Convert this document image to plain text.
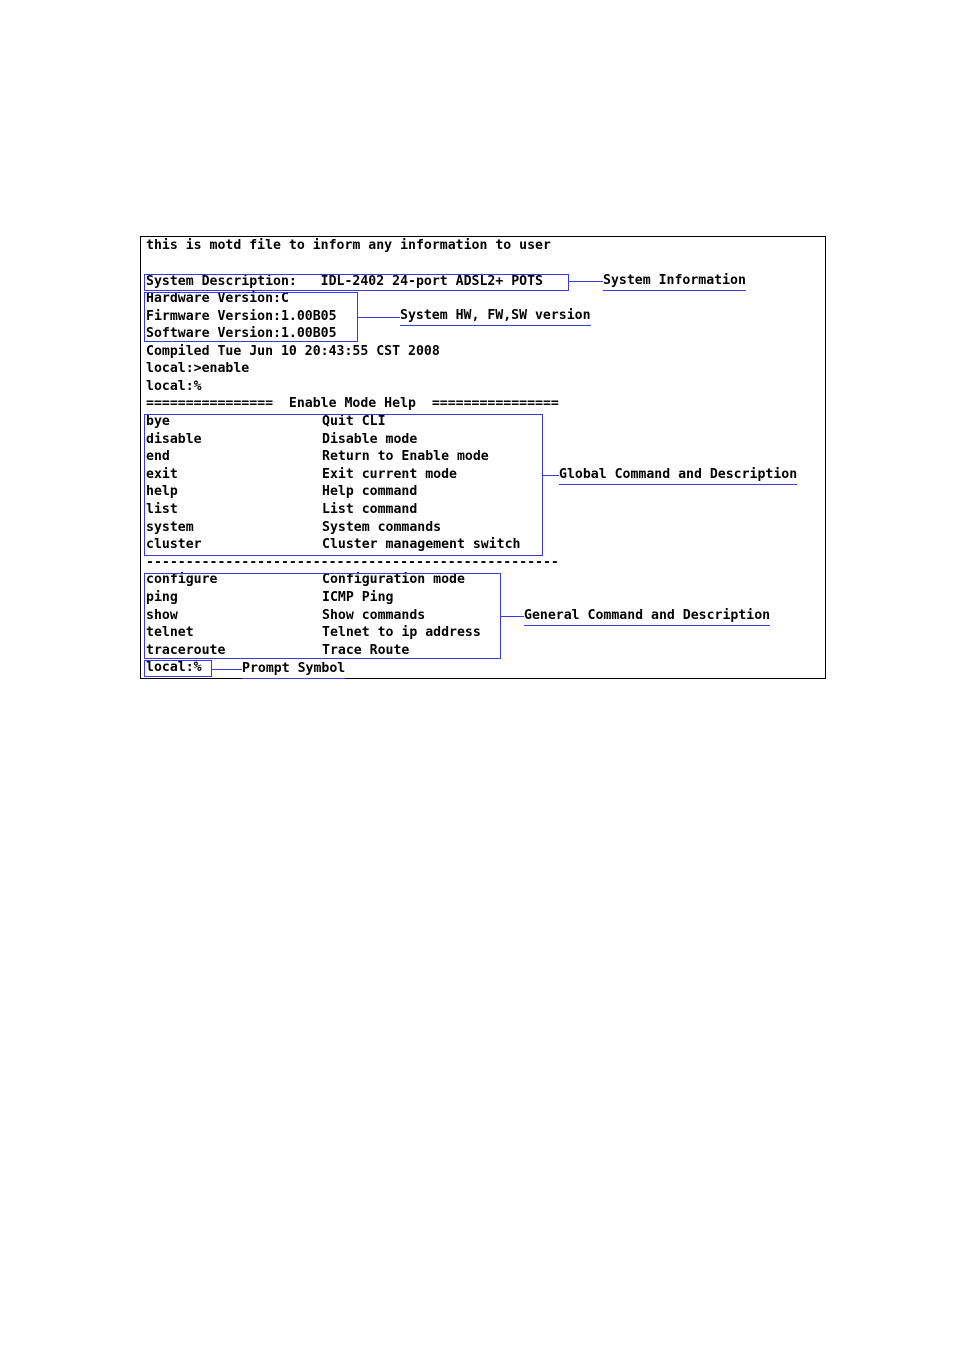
this is motd file to inform any information to user
System Description:   IDL-2402 24-port ADSL2+ POTS
Hardware Version:C
Firmware Version:1.00B05
Software Version:1.00B05
Compiled Tue Jun 10 20:43:55 CST 2008
local:>enable
local:%
================  Enable Mode Help  ================
bye	Quit CLI
disable	Disable mode
end	Return to Enable mode
exit	Exit current mode
help	Help command
list	List command
system	System commands
cluster	Cluster management switch
----------------------------------------------------
configure	Configuration mode
ping	ICMP Ping
show	Show commands
telnet	Telnet to ip address
traceroute	Trace Route
local:%
System Information
System HW, FW,SW version
Global Command and Description
General Command and Description
Prompt Symbol
